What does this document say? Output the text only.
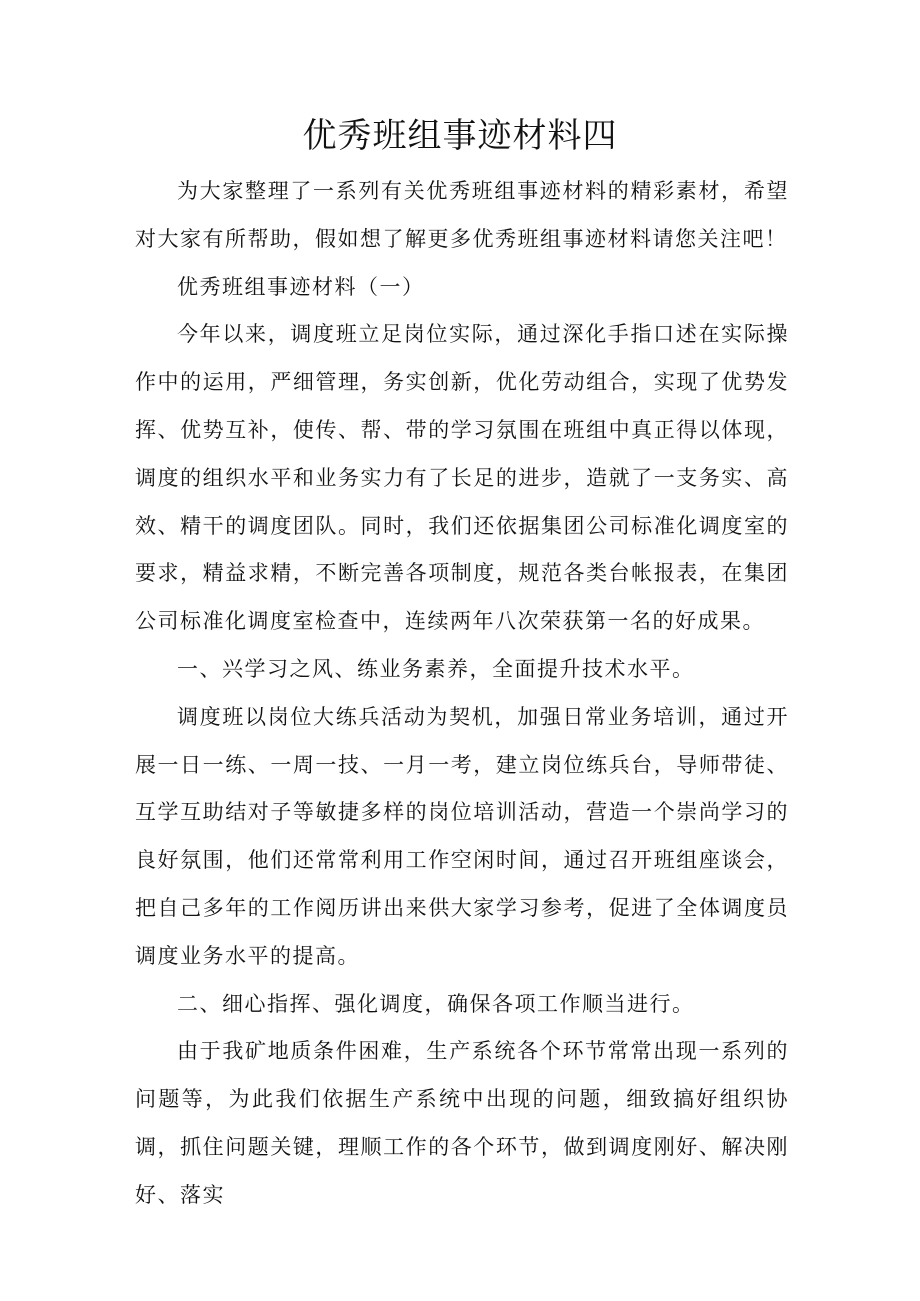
优秀班组事迹材料四

为大家整理了一系列有关优秀班组事迹材料的精彩素材，希望对大家有所帮助，假如想了解更多优秀班组事迹材料请您关注吧！

优秀班组事迹材料（一）

今年以来，调度班立足岗位实际，通过深化手指口述在实际操作中的运用，严细管理，务实创新，优化劳动组合，实现了优势发挥、优势互补，使传、帮、带的学习氛围在班组中真正得以体现，调度的组织水平和业务实力有了长足的进步，造就了一支务实、高效、精干的调度团队。同时，我们还依据集团公司标准化调度室的要求，精益求精，不断完善各项制度，规范各类台帐报表，在集团公司标准化调度室检查中，连续两年八次荣获第一名的好成果。

一、兴学习之风、练业务素养，全面提升技术水平。

调度班以岗位大练兵活动为契机，加强日常业务培训，通过开展一日一练、一周一技、一月一考，建立岗位练兵台，导师带徒、互学互助结对子等敏捷多样的岗位培训活动，营造一个崇尚学习的良好氛围，他们还常常利用工作空闲时间，通过召开班组座谈会，把自己多年的工作阅历讲出来供大家学习参考，促进了全体调度员调度业务水平的提高。

二、细心指挥、强化调度，确保各项工作顺当进行。

由于我矿地质条件困难，生产系统各个环节常常出现一系列的问题等，为此我们依据生产系统中出现的问题，细致搞好组织协调，抓住问题关键，理顺工作的各个环节，做到调度刚好、解决刚好、落实
